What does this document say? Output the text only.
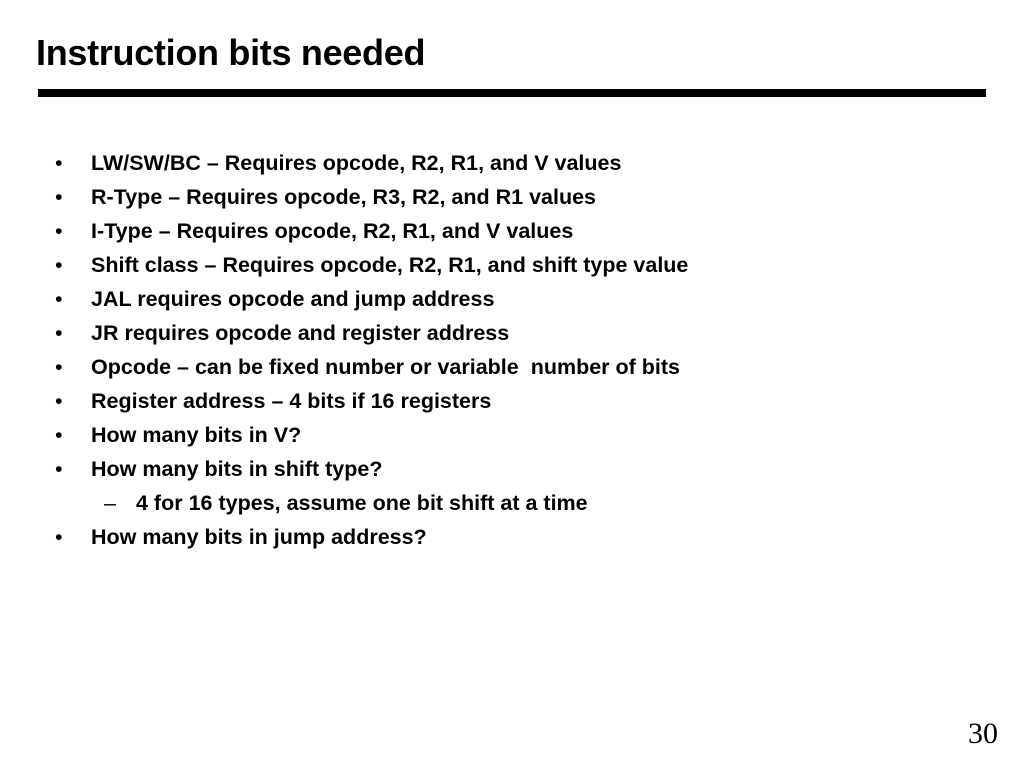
Instruction bits needed
• LW/SW/BC – Requires opcode, R2, R1, and V values
• R-Type – Requires opcode, R3, R2, and R1 values
• I-Type – Requires opcode, R2, R1, and V values
• Shift class – Requires opcode, R2, R1, and shift type value
• JAL requires opcode and jump address
• JR requires opcode and register address
• Opcode – can be fixed number or variable  number of bits
• Register address – 4 bits if 16 registers
• How many bits in V?
• How many bits in shift type?
– 4 for 16 types, assume one bit shift at a time
• How many bits in jump address?
30
